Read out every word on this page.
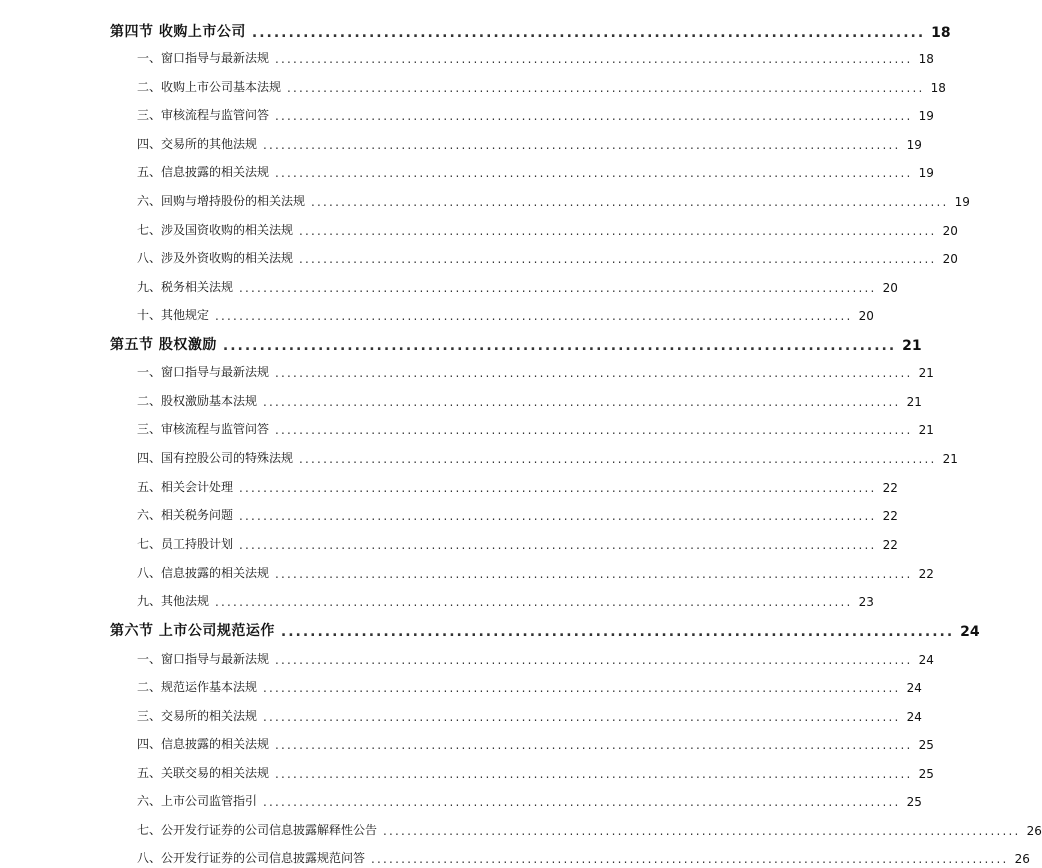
第四节 收购上市公司 ............................................................................................ 18
一、窗口指导与最新法规 .......................................................................................................... 18
二、收购上市公司基本法规 .......................................................................................................... 18
三、审核流程与监管问答 .......................................................................................................... 19
四、交易所的其他法规 .......................................................................................................... 19
五、信息披露的相关法规 .......................................................................................................... 19
六、回购与增持股份的相关法规 .......................................................................................................... 19
七、涉及国资收购的相关法规 .......................................................................................................... 20
八、涉及外资收购的相关法规 .......................................................................................................... 20
九、税务相关法规 .......................................................................................................... 20
十、其他规定 .......................................................................................................... 20
第五节 股权激励 ............................................................................................ 21
一、窗口指导与最新法规 .......................................................................................................... 21
二、股权激励基本法规 .......................................................................................................... 21
三、审核流程与监管问答 .......................................................................................................... 21
四、国有控股公司的特殊法规 .......................................................................................................... 21
五、相关会计处理 .......................................................................................................... 22
六、相关税务问题 .......................................................................................................... 22
七、员工持股计划 .......................................................................................................... 22
八、信息披露的相关法规 .......................................................................................................... 22
九、其他法规 .......................................................................................................... 23
第六节 上市公司规范运作 ............................................................................................ 24
一、窗口指导与最新法规 .......................................................................................................... 24
二、规范运作基本法规 .......................................................................................................... 24
三、交易所的相关法规 .......................................................................................................... 24
四、信息披露的相关法规 .......................................................................................................... 25
五、关联交易的相关法规 .......................................................................................................... 25
六、上市公司监管指引 .......................................................................................................... 25
七、公开发行证券的公司信息披露解释性公告 .......................................................................................................... 26
八、公开发行证券的公司信息披露规范问答 .......................................................................................................... 26
